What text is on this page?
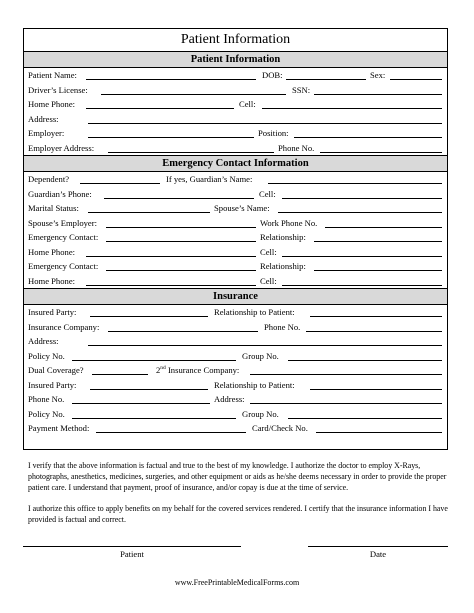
Patient Information
Patient Information
Patient Name:	DOB:	Sex:
Driver’s License:	SSN:
Home Phone:	Cell:
Address:
Employer:	Position:
Employer Address:	Phone No.
Emergency Contact Information
Dependent?	If yes, Guardian’s Name:
Guardian’s Phone:	Cell:
Marital Status:	Spouse’s Name:
Spouse’s Employer:	Work Phone No.
Emergency Contact:	Relationship:
Home Phone:	Cell:
Emergency Contact:	Relationship:
Home Phone:	Cell:
Insurance
Insured Party:	Relationship to Patient:
Insurance Company:	Phone No.
Address:
Policy No.	Group No.
Dual Coverage?	2nd Insurance Company:
Insured Party:	Relationship to Patient:
Phone No.	Address:
Policy No.	Group No.
Payment Method:	Card/Check No.
I verify that the above information is factual and true to the best of my knowledge. I authorize the doctor to employ X-Rays, photographs, anesthetics, medicines, surgeries, and other equipment or aids as he/she deems necessary in order to provide the proper patient care. I understand that payment, proof of insurance, and/or copay is due at the time of service.
I authorize this office to apply benefits on my behalf for the covered services rendered. I certify that the insurance information I have provided is factual and correct.
Patient	Date
www.FreePrintableMedicalForms.com
